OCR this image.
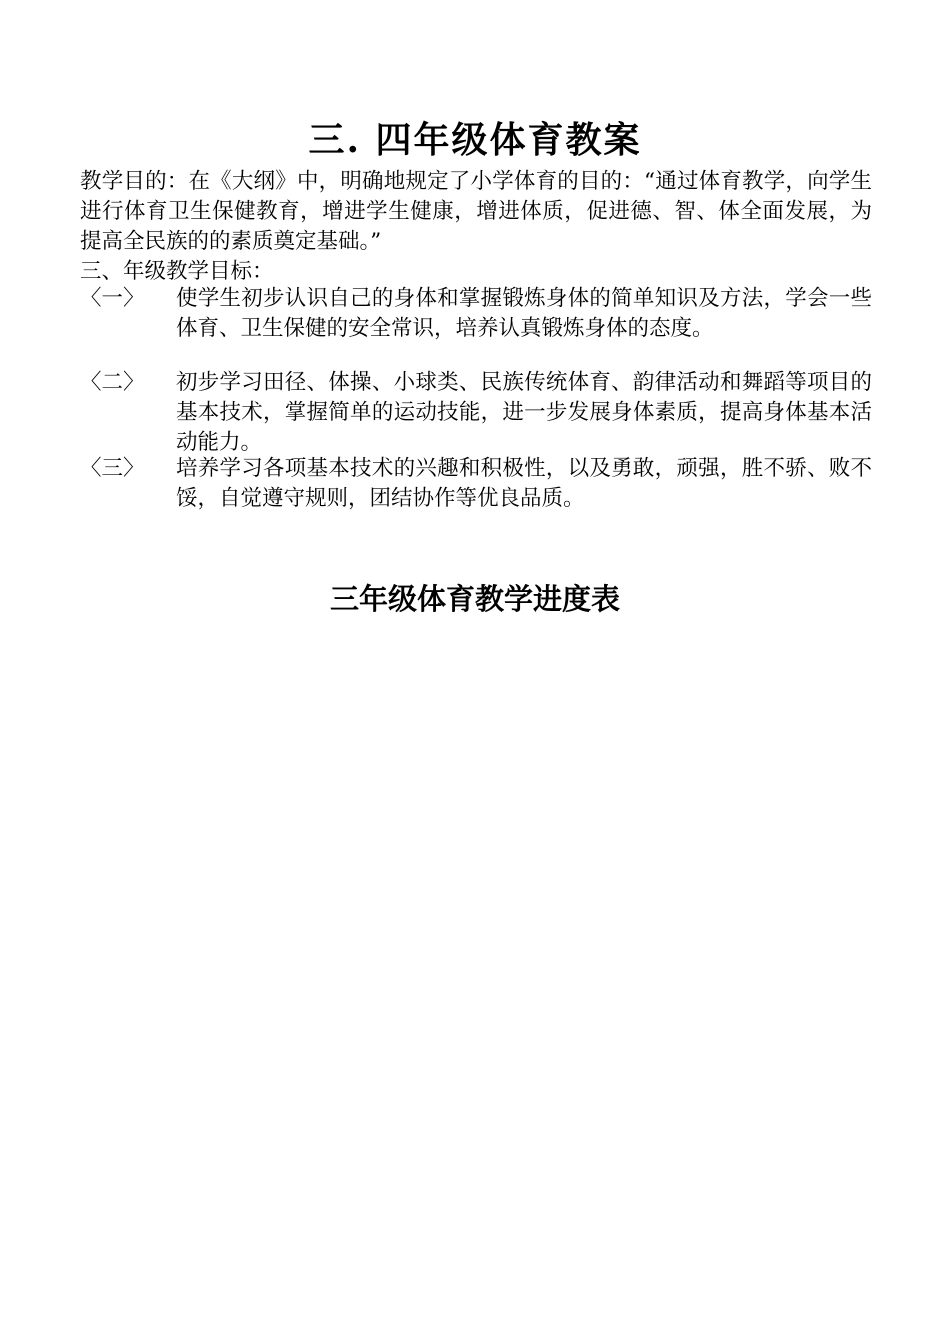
三. 四年级体育教案
教学目的：在《大纲》中，明确地规定了小学体育的目的：“通过体育教学，向学生进行体育卫生保健教育，增进学生健康，增进体质，促进德、智、体全面发展，为提高全民族的的素质奠定基础。”
三、年级教学目标：
〈一〉	使学生初步认识自己的身体和掌握锻炼身体的简单知识及方法，学会一些体育、卫生保健的安全常识，培养认真锻炼身体的态度。
〈二〉	初步学习田径、体操、小球类、民族传统体育、韵律活动和舞蹈等项目的基本技术，掌握简单的运动技能，进一步发展身体素质，提高身体基本活动能力。
〈三〉	培养学习各项基本技术的兴趣和积极性，以及勇敢，顽强，胜不骄、败不馁，自觉遵守规则，团结协作等优良品质。
三年级体育教学进度表
